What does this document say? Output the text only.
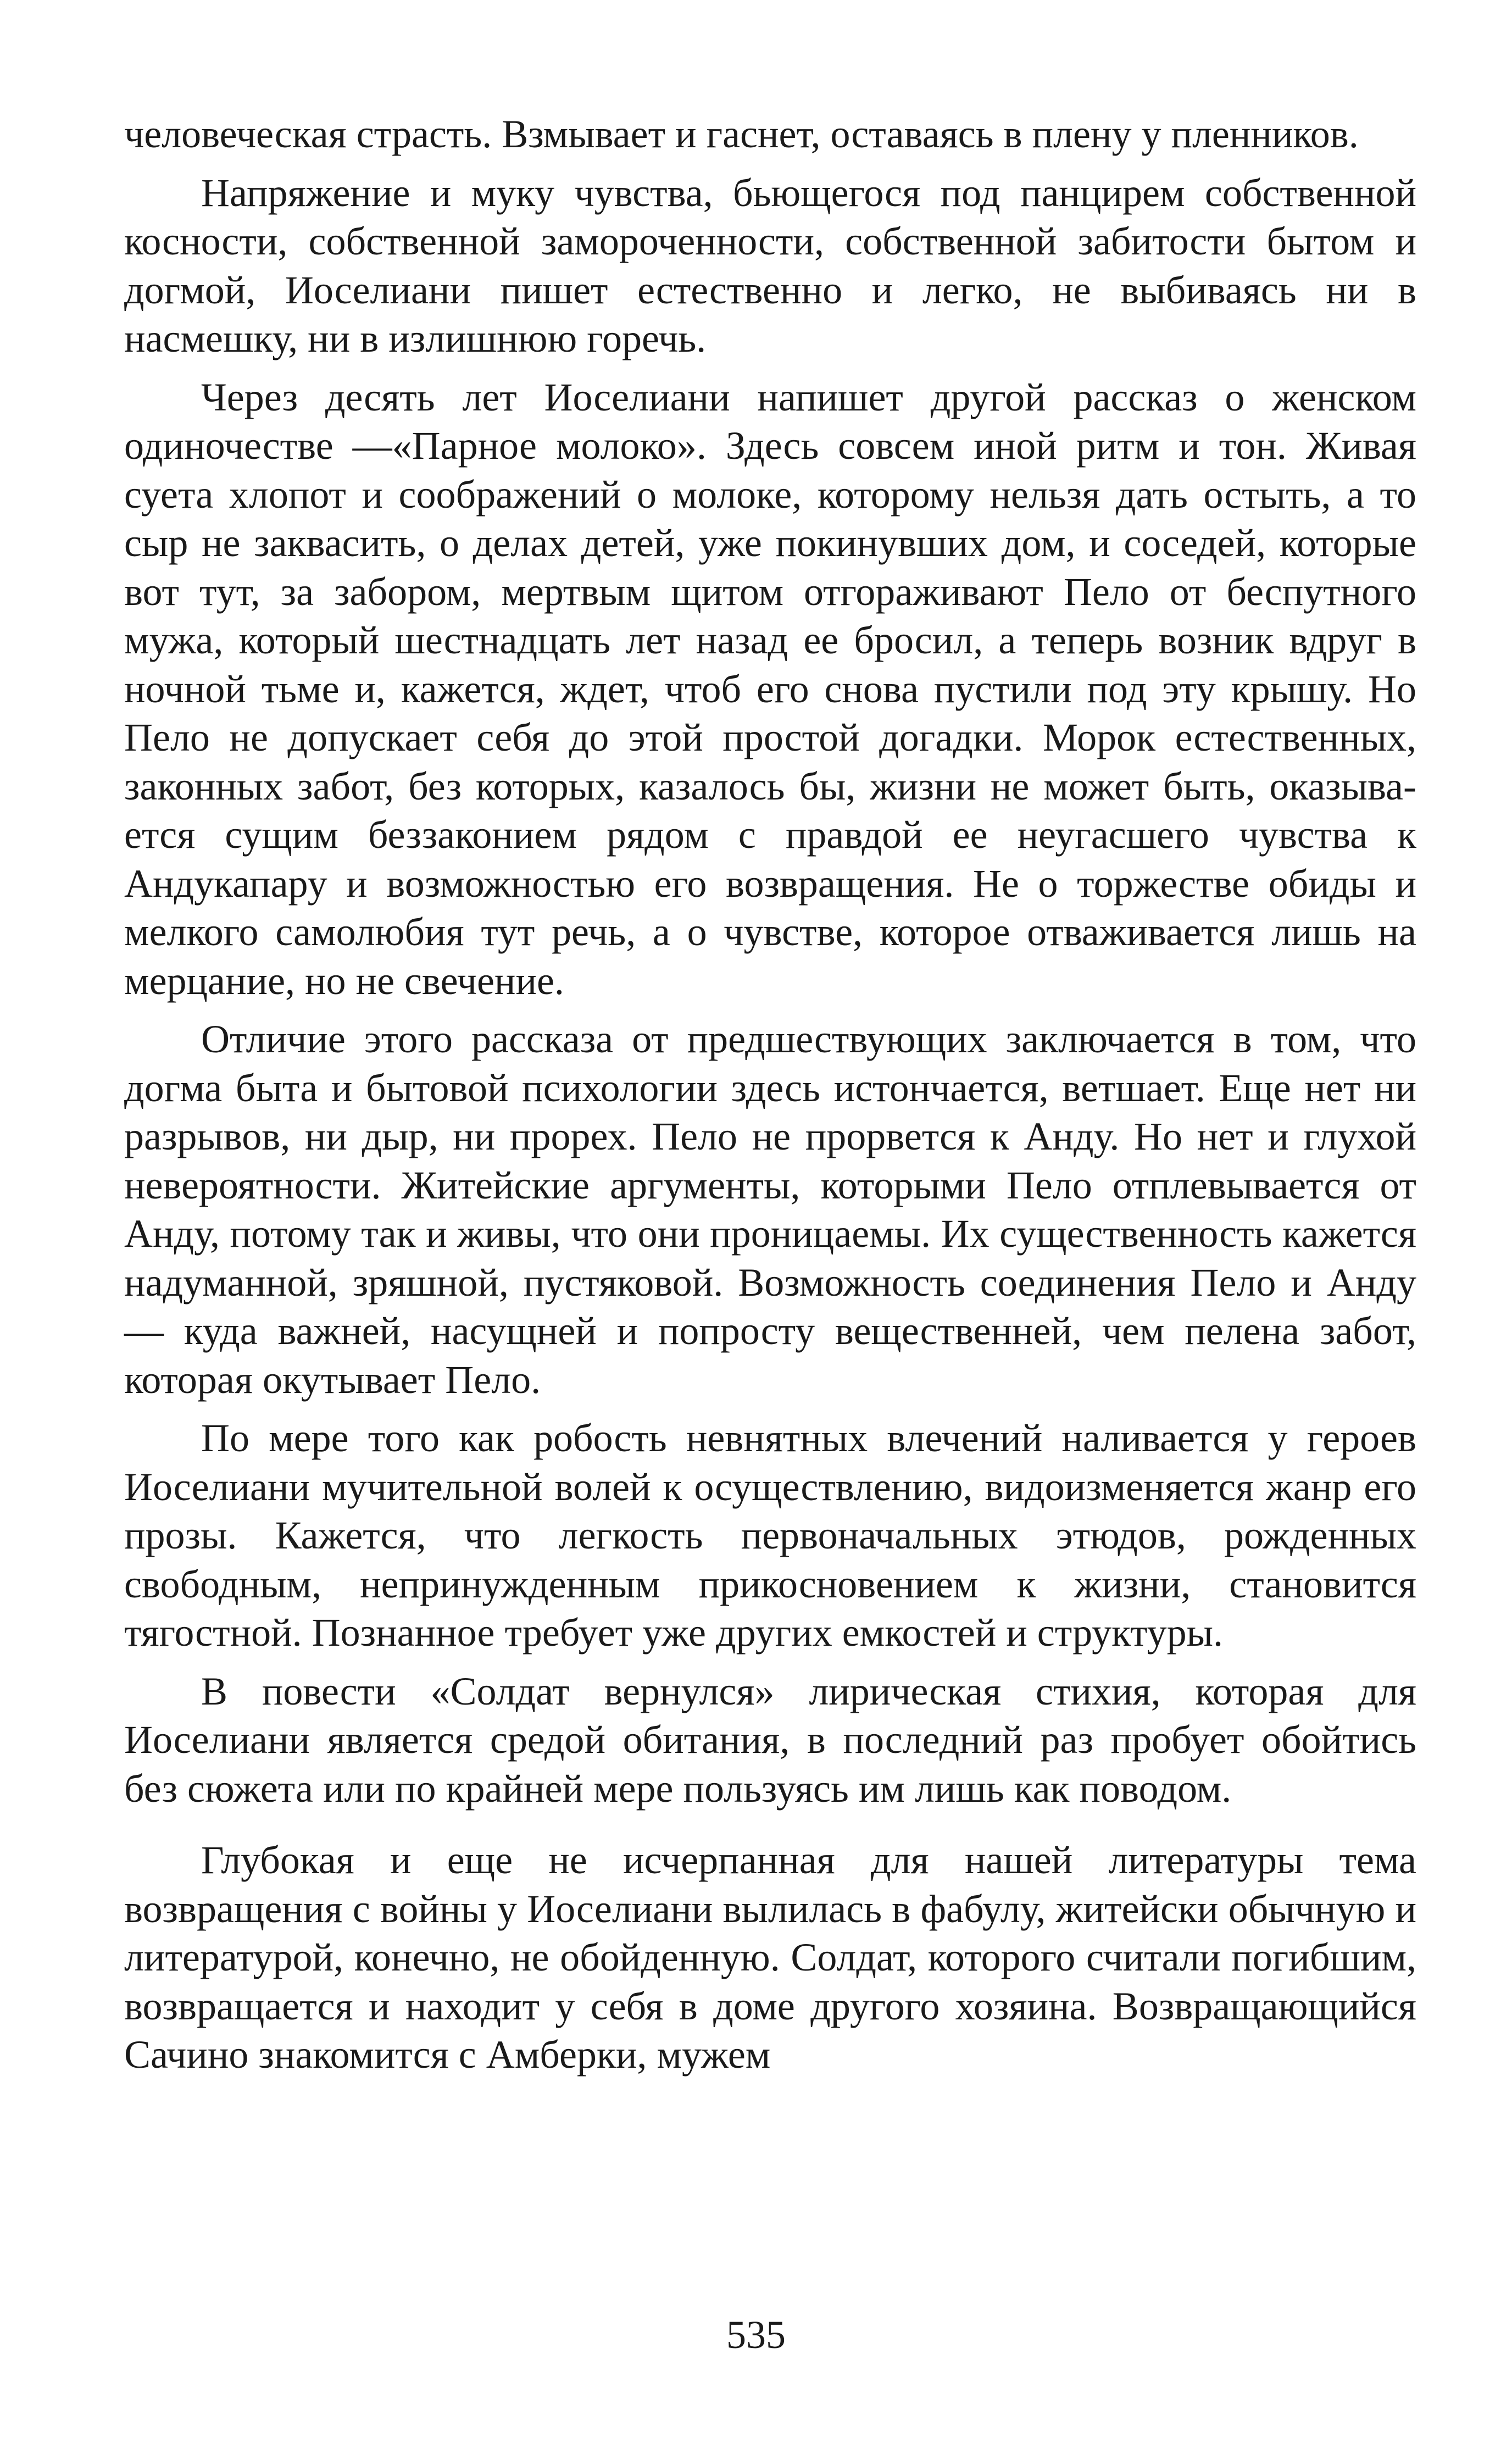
человеческая страсть. Взмывает и гаснет, оставаясь в плену у пленников.

Напряжение и муку чувства, бьющегося под панцирем собственной косности, собственной замороченности, собственной забитости бытом и догмой, Иоселиани пишет естественно и легко, не выбиваясь ни в насмешку, ни в излишнюю горечь.

Через десять лет Иоселиани напишет другой рассказ о женском одиночестве —«Парное молоко». Здесь совсем иной ритм и тон. Живая суета хлопот и соображений о молоке, которому нельзя дать остыть, а то сыр не заквасить, о делах детей, уже покинувших дом, и соседей, которые вот тут, за забором, мертвым щитом отгораживают Пело от беспутного мужа, который шестнадцать лет назад ее бросил, а теперь возник вдруг в ночной тьме и, кажется, ждет, чтоб его снова пустили под эту крышу. Но Пело не допускает себя до этой простой догадки. Морок естественных, законных забот, без которых, казалось бы, жизни не может быть, оказывается сущим беззаконием рядом с правдой ее неугасшего чувства к Андукапару и возможностью его возвращения. Не о торжестве обиды и мелкого самолюбия тут речь, а о чувстве, которое отваживается лишь на мерцание, но не свечение.

Отличие этого рассказа от предшествующих заключается в том, что догма быта и бытовой психологии здесь истончается, ветшает. Еще нет ни разрывов, ни дыр, ни прорех. Пело не прорвется к Анду. Но нет и глухой невероятности. Житейские аргументы, которыми Пело отплевывается от Анду, потому так и живы, что они проницаемы. Их существенность кажется надуманной, зряшной, пустяковой. Возможность соединения Пело и Анду — куда важней, насущней и попросту вещественней, чем пелена забот, которая окутывает Пело.

По мере того как робость невнятных влечений наливается у героев Иоселиани мучительной волей к осуществлению, видоизменяется жанр его прозы. Кажется, что легкость первоначальных этюдов, рожденных свободным, непринужденным прикосновением к жизни, становится тягостной. Познанное требует уже других емкостей и структуры.

В повести «Солдат вернулся» лирическая стихия, которая для Иоселиани является средой обитания, в последний раз пробует обойтись без сюжета или по крайней мере пользуясь им лишь как поводом.

Глубокая и еще не исчерпанная для нашей литературы тема возвращения с войны у Иоселиани вылилась в фабулу, житейски обычную и литературой, конечно, не обойденную. Солдат, которого считали погибшим, возвращается и находит у себя в доме другого хозяина. Возвращающийся Сачино знакомится с Амберки, мужем

535
